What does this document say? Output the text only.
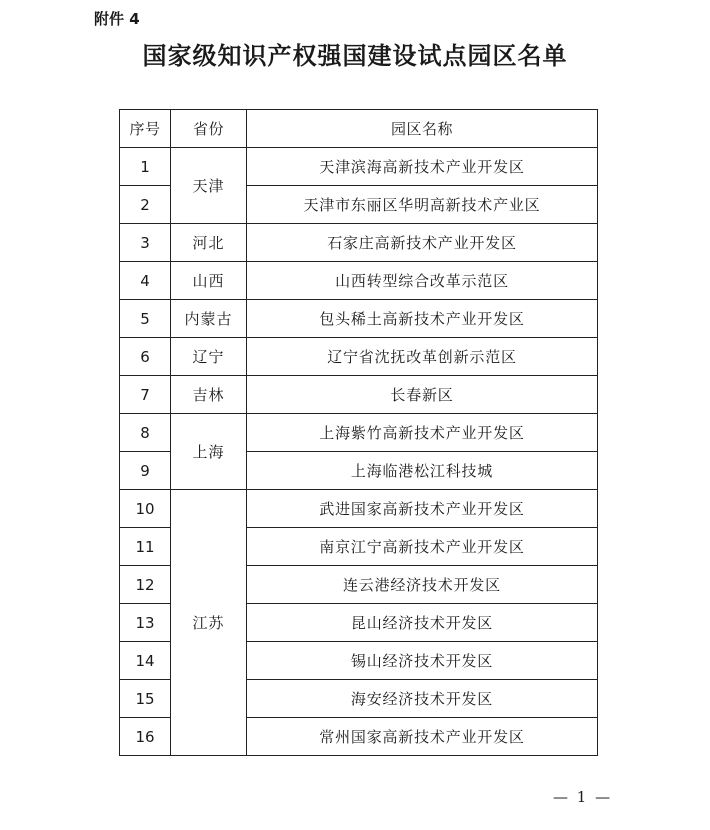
附件 4
国家级知识产权强国建设试点园区名单
序号	省份	园区名称
1	天津	天津滨海高新技术产业开发区
2		天津市东丽区华明高新技术产业区
3	河北	石家庄高新技术产业开发区
4	山西	山西转型综合改革示范区
5	内蒙古	包头稀土高新技术产业开发区
6	辽宁	辽宁省沈抚改革创新示范区
7	吉林	长春新区
8	上海	上海紫竹高新技术产业开发区
9		上海临港松江科技城
10	江苏	武进国家高新技术产业开发区
11		南京江宁高新技术产业开发区
12		连云港经济技术开发区
13		昆山经济技术开发区
14		锡山经济技术开发区
15		海安经济技术开发区
16		常州国家高新技术产业开发区
— 1 —
